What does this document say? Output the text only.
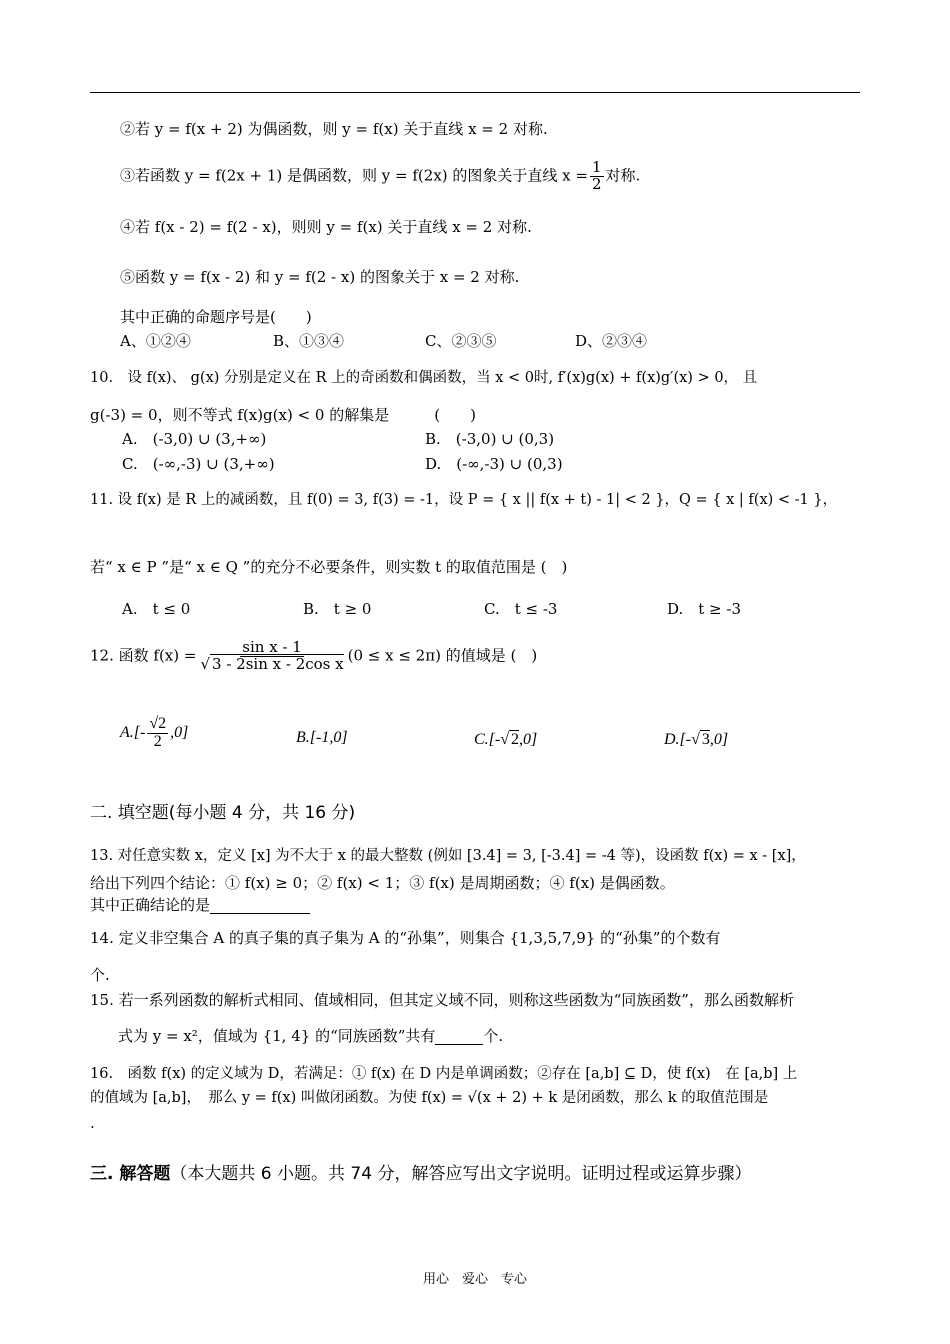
②若 y = f(x + 2) 为偶函数，则 y = f(x) 关于直线 x = 2 对称.
③若函数 y = f(2x + 1) 是偶函数，则 y = f(2x) 的图象关于直线 $x = \frac{1}{2}$ 对称.
④若 f(x - 2) = f(2 - x)，则则 y = f(x) 关于直线 x = 2 对称.
⑤函数 y = f(x - 2) 和 y = f(2 - x) 的图象关于 x = 2 对称.
其中正确的命题序号是(　　)
A、①②④	B、①③④	C、②③⑤	D、②③④
10.　设 f(x)、 g(x) 分别是定义在 R 上的奇函数和偶函数，当 x < 0时, f′(x)g(x) + f(x)g′(x) > 0， 且
g(-3) = 0，则不等式 f(x)g(x) < 0 的解集是　　　(　　)
A.　(-3,0) ∪ (3,+∞)	B.　(-3,0) ∪ (0,3)
C.　(-∞,-3) ∪ (3,+∞)	D.　(-∞,-3) ∪ (0,3)
11. 设 f(x) 是 R 上的减函数，且 f(0) = 3, f(3) = -1，设 P = { x || f(x + t) - 1| < 2 }，Q = { x | f(x) < -1 }，
若“ x ∈ P ”是“ x ∈ Q ”的充分不必要条件，则实数 t 的取值范围是 (　)
A.　t ≤ 0	B.　t ≥ 0	C.　t ≤ -3	D.　t ≥ -3
12. 函数 $f(x) = \frac{\text{sin x - 1}}{\text{√ 3 - 2sin x - 2cos x}} (0 \le x \le 2\pi)$ 的值域是 (　)
$A.[- \frac{√2}{2} ,0]$	B.[-1,0]	C.[-√ 2,0]	D.[-√ 3,0]
二. 填空题(每小题 4 分，共 16 分)
13. 对任意实数 x，定义 [x] 为不大于 x 的最大整数 (例如 [3.4] = 3, [-3.4] = -4 等)，设函数 f(x) = x - [x]，
给出下列四个结论：① f(x) ≥ 0；② f(x) < 1；③ f(x) 是周期函数；④ f(x) 是偶函数。
其中正确结论的是
14. 定义非空集合 A 的真子集的真子集为 A 的“孙集”，则集合 {1,3,5,7,9} 的“孙集”的个数有
个.
15. 若一系列函数的解析式相同、值域相同，但其定义域不同，则称这些函数为“同族函数”，那么函数解析
式为 y = x²，值域为 {1, 4} 的“同族函数”共有	个.
16.　函数 f(x) 的定义域为 D，若满足：① f(x) 在 D 内是单调函数；②存在 [a,b] ⊆ D，使 f(x)　在 [a,b] 上
的值域为 [a,b]，　那么 y = f(x) 叫做闭函数。为使 f(x) = √(x + 2) + k 是闭函数，那么 k 的取值范围是
.
三. 解答题（本大题共 6 小题。共 74 分，解答应写出文字说明。证明过程或运算步骤）
用心　爱心　专心
